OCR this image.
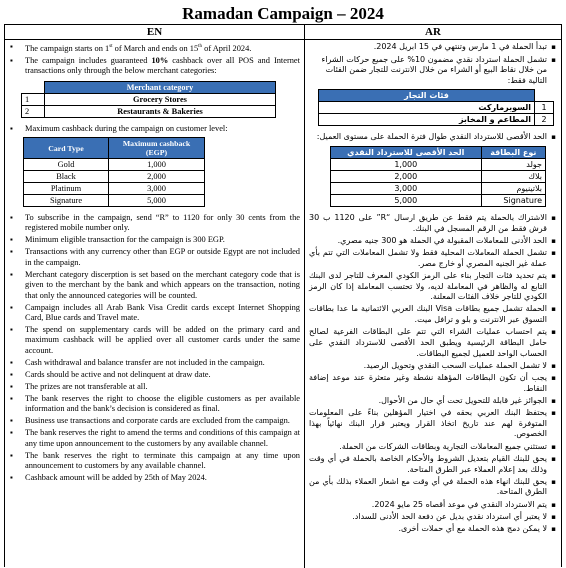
Ramadan Campaign – 2024
EN	AR
▪ The campaign starts on 1st of March and ends on 15th of April 2024.
▪ The campaign includes guaranteed 10% cashback over all POS and Internet transactions only through the below merchant categories:
	Merchant category
1	Grocery Stores
2	Restaurants & Bakeries
▪ Maximum cashback during the campaign on customer level:
Card Type	Maximum cashback (EGP)
Gold	1,000
Black	2,000
Platinum	3,000
Signature	5,000
▪ To subscribe in the campaign, send “R” to 1120 for only 30 cents from the registered mobile number only.
▪ Minimum eligible transaction for the campaign is 300 EGP.
▪ Transactions with any currency other than EGP or outside Egypt are not included in the campaign.
▪ Merchant category discerption is set based on the merchant category code that is given to the merchant by the bank and which appears on the transaction, noting that only the announced categories will be counted.
▪ Campaign includes all Arab Bank Visa Credit cards except Internet Shopping Card, Blue cards and Travel mate.
▪ The spend on supplementary cards will be added on the primary card and maximum cashback will be applied over all customer cards under the same account.
▪ Cash withdrawal and balance transfer are not included in the campaign.
▪ Cards should be active and not delinquent at draw date.
▪ The prizes are not transferable at all.
▪ The bank reserves the right to choose the eligible customers as per available information and the bank’s decision is considered as final.
▪ Business use transactions and corporate cards are excluded from the campaign.
▪ The bank reserves the right to amend the terms and conditions of this campaign at any time upon announcement to the customers by any available channel.
▪ The bank reserves the right to terminate this campaign at any time upon announcement to customers by any available channel.
▪ Cashback amount will be added by 25th of May 2024.

▪ تبدأ الحملة في 1 مارس وتنتهي في 15 ابريل 2024.

▪ تشمل الحملة استرداد نقدي مضمون 10% على جميع حركات الشراء من خلال نقاط البيع أو الشراء من خلال الانترنت للتجار ضمن الفئات التالية فقط:

	فئات التجار
1	السوبرماركت
2	المطاعم و المخابز

▪ الحد الأقصى للاسترداد النقدي طوال فترة الحملة على مستوى العميل:

نوع البطاقة	الحد الأقصى للاسترداد النقدي
جولد	1,000
بلاك	2,000
بلاتينيوم	3,000
Signature	5,000
▪ الاشتراك بالحملة يتم فقط عن طريق ارسال “R” على 1120 ب 30 قرش فقط من الرقم المسجل في البنك.
▪ الحد الأدنى للمعاملات المقبولة في الحملة هو 300 جنيه مصري.
▪ تشمل الحملة المعاملات المحلية فقط ولا تشمل المعاملات التي تتم بأي عملة غير الجنيه المصري أو خارج مصر.
▪ يتم تحديد فئات التجار بناء على الرمز الكودي المعرف للتاجر لدى البنك التابع له والظاهر في المعاملة لديه، ولا تحتسب المعاملة إذا كان الرمز الكودي للتاجر خلاف الفئات المعلنة.
▪ الحملة تشمل جميع بطاقات Visa البنك العربي الائتمانية ما عدا بطاقات التسوق عبر الانترنت و بلو و ترافل ميت.
▪ يتم احتساب عمليات الشراء التي تتم على البطاقات الفرعية لصالح حامل البطاقة الرئيسية ويطبق الحد الأقصى للاسترداد النقدي على الحساب الواحد للعميل لجميع البطاقات.
▪ لا تشمل الحملة عمليات السحب النقدي وتحويل الرصيد.
▪ يجب أن تكون البطاقات المؤهلة نشطة وغير متعثرة عند موعد إضافة النقاط.
▪ الجوائز غير قابلة للتحويل تحت أي حال من الأحوال.
▪ يحتفظ البنك العربي بحقه في اختيار المؤهلين بناءً على المعلومات المتوفرة لهم عند تاريخ اتخاذ القرار ويعتبر قرار البنك نهائياً بهذا الخصوص.
▪ تستثني جميع المعاملات التجارية وبطاقات الشركات من الحملة.
▪ يحق للبنك القيام بتعديل الشروط والأحكام الخاصة بالحملة في أي وقت وذلك بعد إعلام العملاء عبر الطرق المتاحة.
▪ يحق للبنك انهاء هذه الحملة في أي وقت مع اشعار العملاء بذلك بأي من الطرق المتاحة.
▪ يتم الاسترداد النقدي في موعد أقصاه 25 مايو 2024.
▪ لا يعتبر أي استرداد نقدي بديل عن دفعة الحد الأدنى للسداد.
▪ لا يمكن دمج هذه الحملة مع أي حملات أخرى.
